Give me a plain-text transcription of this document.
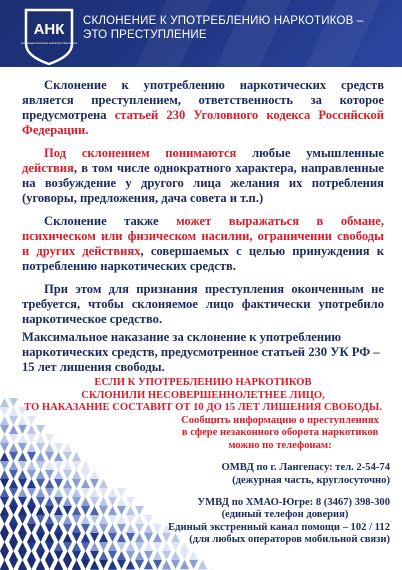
АНК
Антинаркотическая комиссия Лангепаса
СКЛОНЕНИЕ К УПОТРЕБЛЕНИЮ НАРКОТИКОВ –
ЭТО ПРЕСТУПЛЕНИЕ

Склонение к употреблению наркотических средств является преступлением, ответственность за которое предусмотрена статьей 230 Уголовного кодекса Российской Федерации.

Под склонением понимаются любые умышленные действия, в том числе однократного характера, направленные на возбуждение у другого лица желания их потребления (уговоры, предложения, дача совета и т.п.)

Склонение также может выражаться в обмане, психическом или физическом насилии, ограничении свободы и других действиях, совершаемых с целью принуждения к потреблению наркотических средств.

При этом для признания преступления оконченным не требуется, чтобы склоняемое лицо фактически употребило наркотическое средство.

Максимальное наказание за склонение к употреблению наркотических средств, предусмотренное статьей 230 УК РФ – 15 лет лишения свободы.
ЕСЛИ К УПОТРЕБЛЕНИЮ НАРКОТИКОВ
СКЛОНИЛИ НЕСОВЕРШЕННОЛЕТНЕЕ ЛИЦО,
ТО НАКАЗАНИЕ СОСТАВИТ ОТ 10 ДО 15 ЛЕТ ЛИШЕНИЯ СВОБОДЫ.
Сообщить информацию о преступлениях
в сфере незаконного оборота наркотиков
можно по телефонам:
ОМВД по г. Лангепасу: тел. 2-54-74
(дежурная часть, круглосуточно)
УМВД по ХМАО-Югре: 8 (3467) 398-300
(единый телефон доверия)
Единый экстренный канал помощи – 102 / 112
(для любых операторов мобильной связи)
